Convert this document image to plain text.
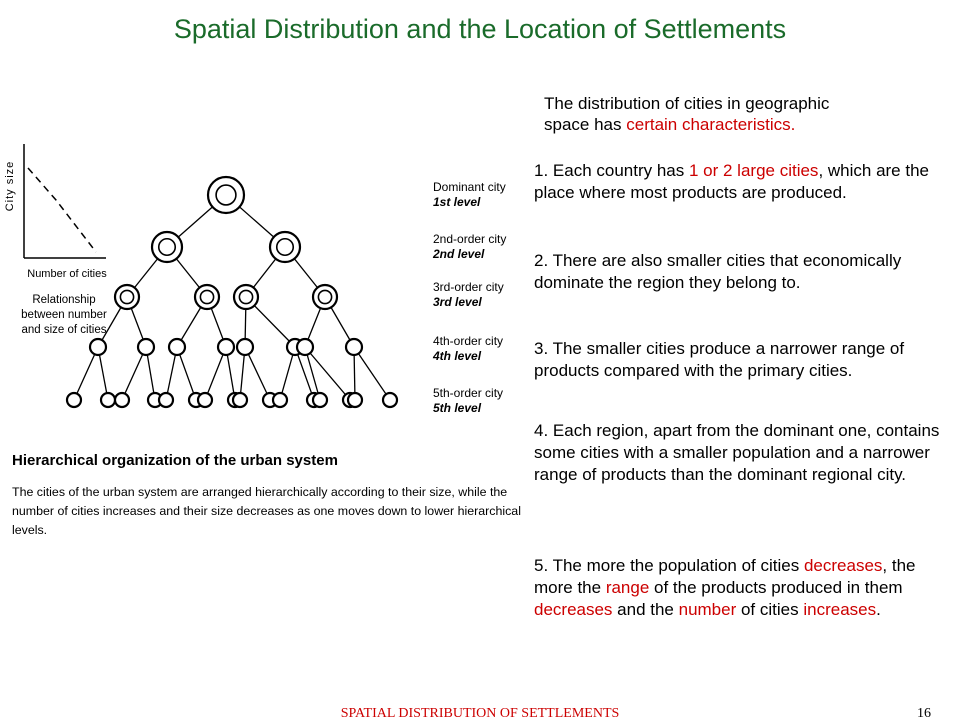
Spatial Distribution and the Location of Settlements
City size
Number of cities
Relationship between number and size of cities
Dominant city
1st level
2nd-order city
2nd level
3rd-order city
3rd level
4th-order city
4th level
5th-order city
5th level
Hierarchical organization of the urban system
The cities of the urban system are arranged hierarchically according to their size, while the number of cities increases and their size decreases as one moves down to lower hierarchical levels.
The distribution of cities in geographic
space has certain characteristics.
1. Each country has 1 or 2 large cities, which are the place where most products are produced.
2. There are also smaller cities that economically dominate the region they belong to.
3. The smaller cities produce a narrower range of products compared with the primary cities.
4. Each region, apart from the dominant one, contains some cities with a smaller population and a narrower range of products than the dominant regional city.
5. The more the population of cities decreases, the more the range of the products produced in them decreases and the number of cities increases.
SPATIAL DISTRIBUTION OF SETTLEMENTS	16
